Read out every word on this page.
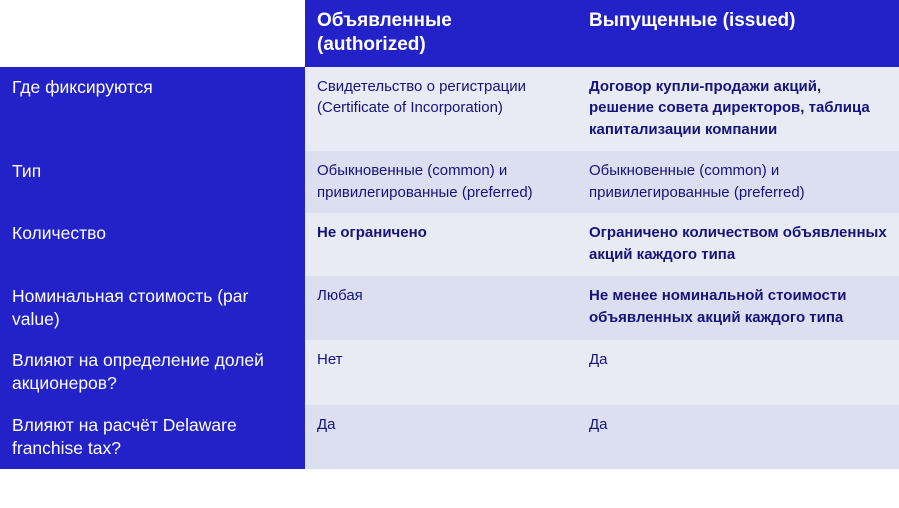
	Объявленные (authorized)	Выпущенные (issued)
Где фиксируются	Свидетельство о регистрации (Certificate of Incorporation)	Договор купли-продажи акций, решение совета директоров, таблица капитализации компании
Тип	Обыкновенные (common) и привилегированные (preferred)	Обыкновенные (common) и привилегированные (preferred)
Количество	Не ограничено	Ограничено количеством объявленных акций каждого типа
Номинальная стоимость (par value)	Любая	Не менее номинальной стоимости объявленных акций каждого типа
Влияют на определение долей акционеров?	Нет	Да
Влияют на расчёт Delaware franchise tax?	Да	Да
